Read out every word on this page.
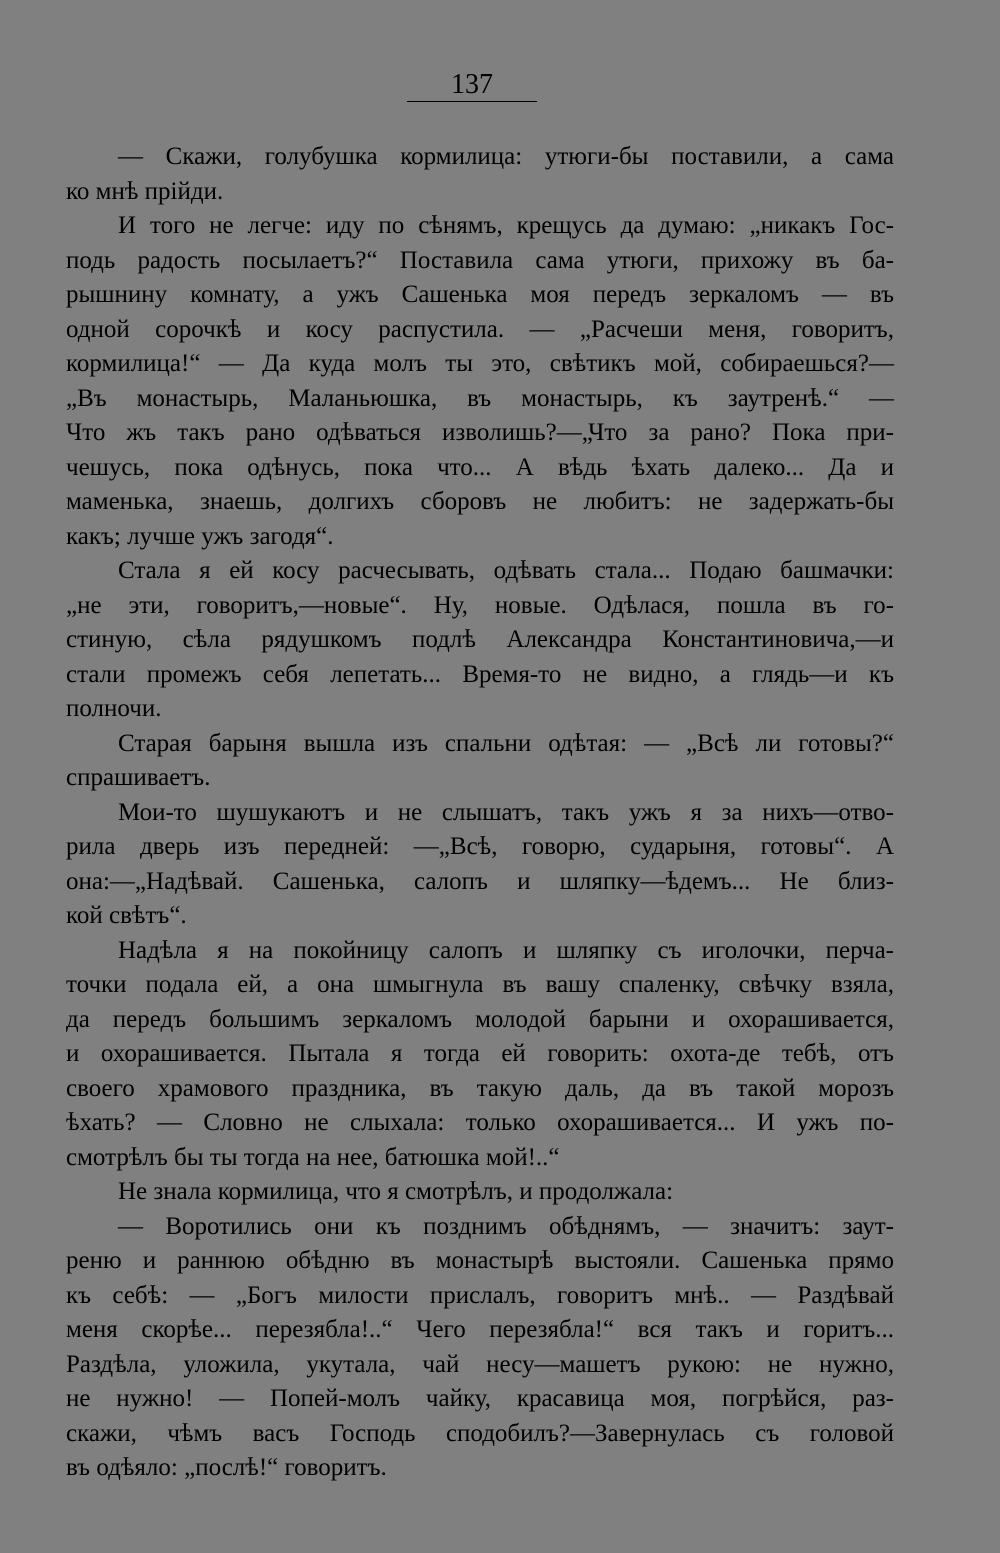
137

— Скажи, голубушка кормилица: утюги-бы поставили, а сама
ко мнѣ прійди.

И того не легче: иду по сѣнямъ, крещусь да думаю: „никакъ Гос-
подь радость посылаетъ?“ Поставила сама утюги, прихожу въ ба-
рышнину комнату, а ужъ Сашенька моя передъ зеркаломъ — въ
одной сорочкѣ и косу распустила. — „Расчеши меня, говоритъ,
кормилица!“ — Да куда молъ ты это, свѣтикъ мой, собираешься?—
„Въ монастырь, Маланьюшка, въ монастырь, къ заутренѣ.“ —
Что жъ такъ рано одѣваться изволишь?—„Что за рано? Пока при-
чешусь, пока одѣнусь, пока что... А вѣдь ѣхать далеко... Да и
маменька, знаешь, долгихъ сборовъ не любитъ: не задержать-бы
какъ; лучше ужъ загодя“.

Стала я ей косу расчесывать, одѣвать стала... Подаю башмачки:
„не эти, говоритъ,—новые“. Ну, новые. Одѣлася, пошла въ го-
стиную, сѣла рядушкомъ подлѣ Александра Константиновича,—и
стали промежъ себя лепетать... Время-то не видно, а глядь—и къ
полночи.

Старая барыня вышла изъ спальни одѣтая: — „Всѣ ли готовы?“
спрашиваетъ.

Мои-то шушукаютъ и не слышатъ, такъ ужъ я за нихъ—отво-
рила дверь изъ передней: —„Всѣ, говорю, сударыня, готовы“. А
она:—„Надѣвай. Сашенька, салопъ и шляпку—ѣдемъ... Не близ-
кой свѣтъ“.

Надѣла я на покойницу салопъ и шляпку съ иголочки, перча-
точки подала ей, а она шмыгнула въ вашу спаленку, свѣчку взяла,
да передъ большимъ зеркаломъ молодой барыни и охорашивается,
и охорашивается. Пытала я тогда ей говорить: охота-де тебѣ, отъ
своего храмового праздника, въ такую даль, да въ такой морозъ
ѣхать? — Словно не слыхала: только охорашивается... И ужъ по-
смотрѣлъ бы ты тогда на нее, батюшка мой!..“

Не знала кормилица, что я смотрѣлъ, и продолжала:

— Воротились они къ позднимъ обѣднямъ, — значитъ: заут-
реню и раннюю обѣдню въ монастырѣ выстояли. Сашенька прямо
къ себѣ: — „Богъ милости прислалъ, говоритъ мнѣ.. — Раздѣвай
меня скорѣе... перезябла!..“ Чего перезябла!“ вся такъ и горитъ...
Раздѣла, уложила, укутала, чай несу—машетъ рукою: не нужно,
не нужно! — Попей-молъ чайку, красавица моя, погрѣйся, раз-
скажи, чѣмъ васъ Господь сподобилъ?—Завернулась съ головой
въ одѣяло: „послѣ!“ говоритъ.
